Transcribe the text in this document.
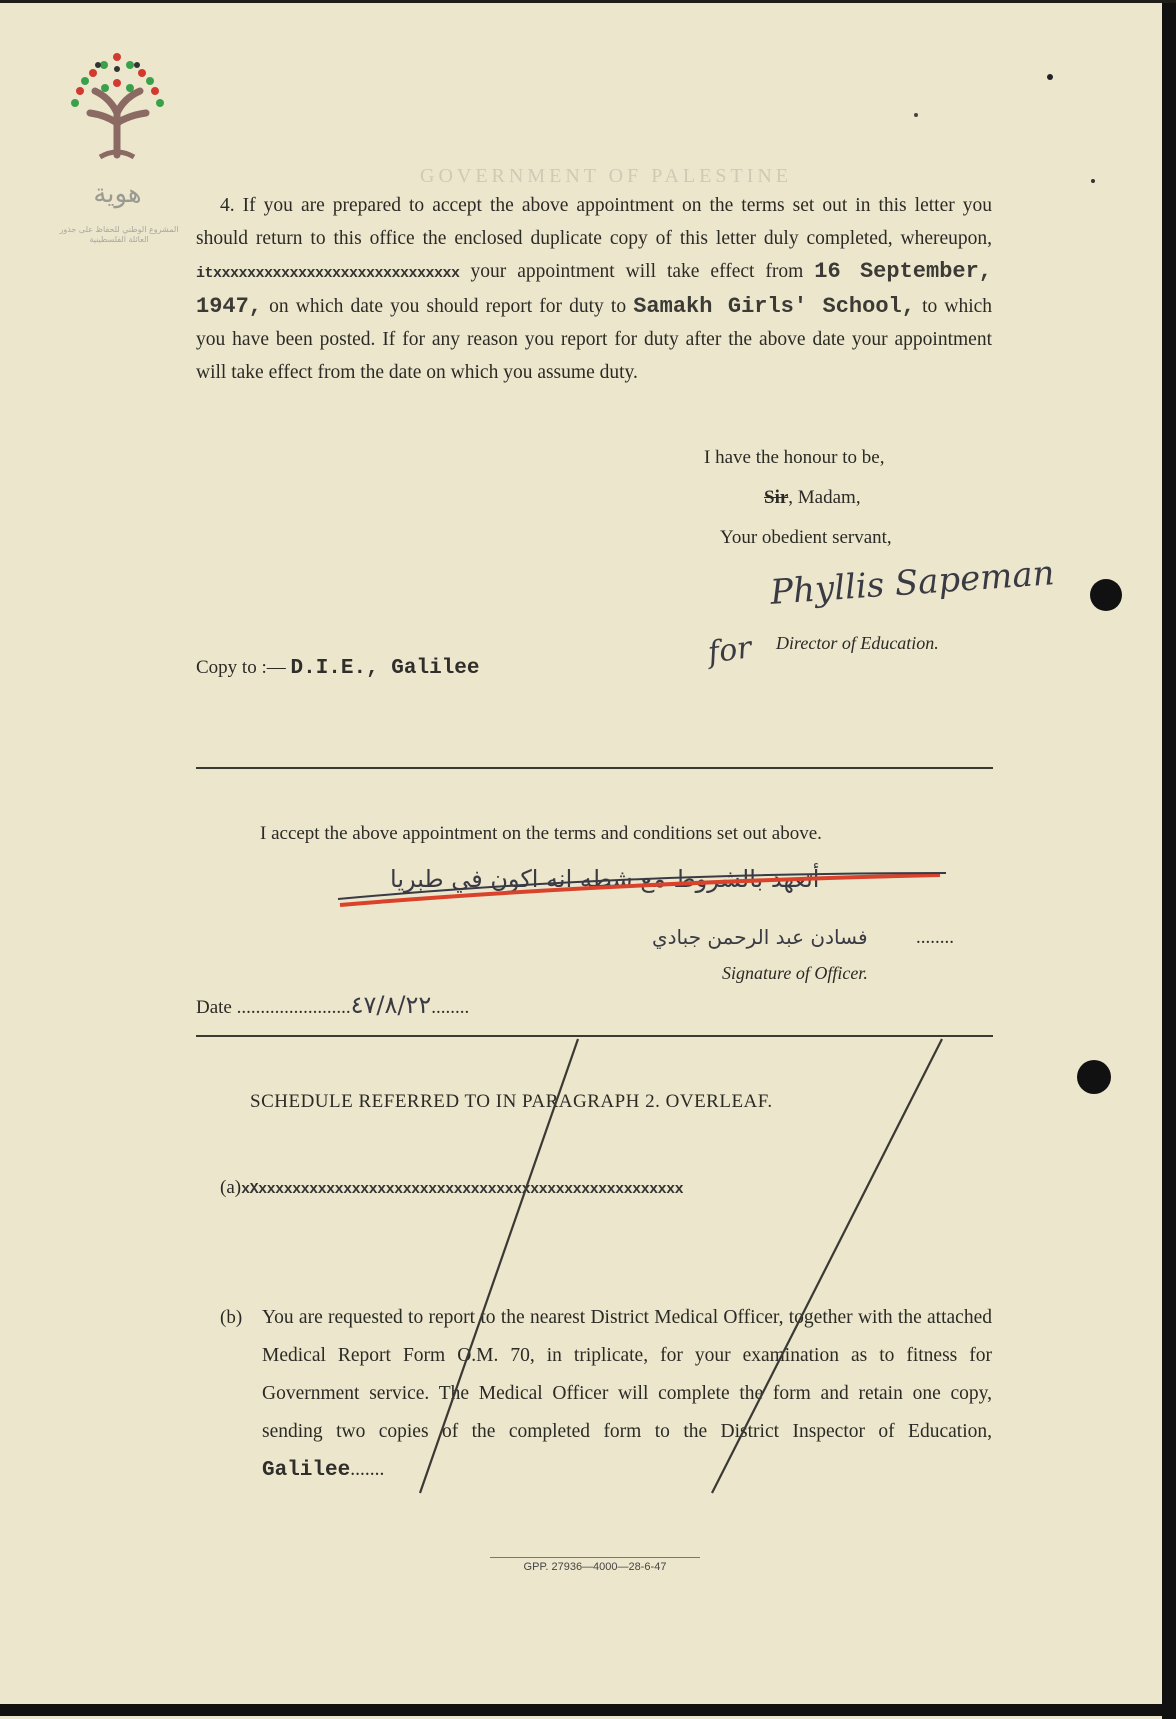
هوية
المشروع الوطني للحفاظ على جذور العائلة الفلسطينية
GOVERNMENT OF PALESTINE
4. If you are prepared to accept the above appointment on the terms set out in this letter you should return to this office the enclosed duplicate copy of this letter duly completed, whereupon, itxxxxxxxxxxxxxxxxxxxxxxxxxxxxx your appointment will take effect from 16 September, 1947, on which date you should report for duty to Samakh Girls' School, to which you have been posted. If for any reason you report for duty after the above date your appointment will take effect from the date on which you assume duty.
I have the honour to be,
Sir, Madam,
Your obedient servant,
Phyllis Sapeman
for Director of Education.
Copy to :— D.I.E., Galilee
I accept the above appointment on the terms and conditions set out above.
أتعهد بالشروط مع شطه انه اكون في طبريا
فسادن عبد الرحمن جبادي	........
Signature of Officer.
Date ........................٤٧/٨/٢٢........
SCHEDULE REFERRED TO IN PARAGRAPH 2. OVERLEAF.
(a)xXxxxxxxxxxxxxxxxxxxxxxxxxxxxxxxxxxxxxxxxxxxxxxxxxxx
(b) You are requested to report to the nearest District Medical Officer, together with the attached Medical Report Form O.M. 70, in triplicate, for your examination as to fitness for Government service. The Medical Officer will complete the form and retain one copy, sending two copies of the completed form to the District Inspector of Education, Galilee.......
GPP. 27936—4000—28-6-47
